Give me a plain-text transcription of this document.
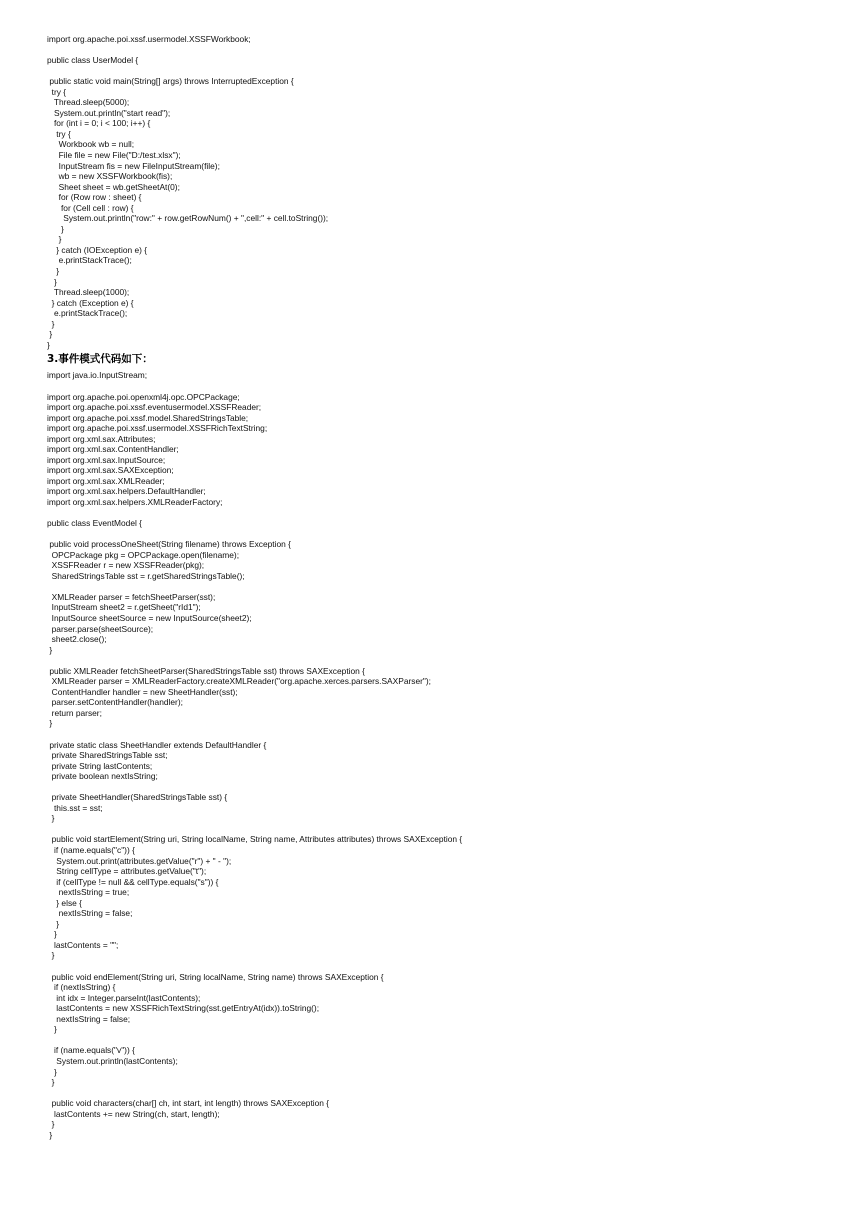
import org.apache.poi.xssf.usermodel.XSSFWorkbook;
public class UserModel {
public static void main(String[] args) throws InterruptedException {
try {
Thread.sleep(5000);
System.out.println("start read");
for (int i = 0; i < 100; i++) {
try {
Workbook wb = null;
File file = new File("D:/test.xlsx");
InputStream fis = new FileInputStream(file);
wb = new XSSFWorkbook(fis);
Sheet sheet = wb.getSheetAt(0);
for (Row row : sheet) {
for (Cell cell : row) {
System.out.println("row:" + row.getRowNum() + ",cell:" + cell.toString());
}
}
} catch (IOException e) {
e.printStackTrace();
}
}
Thread.sleep(1000);
} catch (Exception e) {
e.printStackTrace();
}
}
}
3.事件模式代码如下：
import java.io.InputStream;
import org.apache.poi.openxml4j.opc.OPCPackage;
import org.apache.poi.xssf.eventusermodel.XSSFReader;
import org.apache.poi.xssf.model.SharedStringsTable;
import org.apache.poi.xssf.usermodel.XSSFRichTextString;
import org.xml.sax.Attributes;
import org.xml.sax.ContentHandler;
import org.xml.sax.InputSource;
import org.xml.sax.SAXException;
import org.xml.sax.XMLReader;
import org.xml.sax.helpers.DefaultHandler;
import org.xml.sax.helpers.XMLReaderFactory;
public class EventModel {
public void processOneSheet(String filename) throws Exception {
OPCPackage pkg = OPCPackage.open(filename);
XSSFReader r = new XSSFReader(pkg);
SharedStringsTable sst = r.getSharedStringsTable();
XMLReader parser = fetchSheetParser(sst);
InputStream sheet2 = r.getSheet("rId1");
InputSource sheetSource = new InputSource(sheet2);
parser.parse(sheetSource);
sheet2.close();
}
public XMLReader fetchSheetParser(SharedStringsTable sst) throws SAXException {
XMLReader parser = XMLReaderFactory.createXMLReader("org.apache.xerces.parsers.SAXParser");
ContentHandler handler = new SheetHandler(sst);
parser.setContentHandler(handler);
return parser;
}
private static class SheetHandler extends DefaultHandler {
private SharedStringsTable sst;
private String lastContents;
private boolean nextIsString;
private SheetHandler(SharedStringsTable sst) {
this.sst = sst;
}
public void startElement(String uri, String localName, String name, Attributes attributes) throws SAXException {
if (name.equals("c")) {
System.out.print(attributes.getValue("r") + " - ");
String cellType = attributes.getValue("t");
if (cellType != null && cellType.equals("s")) {
nextIsString = true;
} else {
nextIsString = false;
}
}
lastContents = "";
}
public void endElement(String uri, String localName, String name) throws SAXException {
if (nextIsString) {
int idx = Integer.parseInt(lastContents);
lastContents = new XSSFRichTextString(sst.getEntryAt(idx)).toString();
nextIsString = false;
}
if (name.equals("v")) {
System.out.println(lastContents);
}
}
public void characters(char[] ch, int start, int length) throws SAXException {
lastContents += new String(ch, start, length);
}
}
